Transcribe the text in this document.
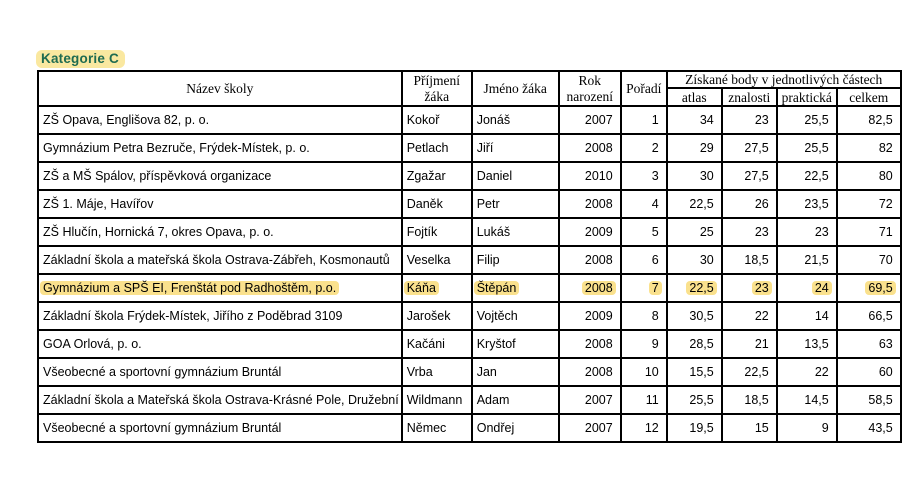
Kategorie C
Název školy	Příjmení žáka	Jméno žáka	Rok narození	Pořadí	Získané body v jednotlivých částech			
					atlas	znalosti	praktická	celkem
ZŠ Opava, Englišova 82, p. o.	Kokoř	Jonáš	2007	1	34	23	25,5	82,5
Gymnázium Petra Bezruče, Frýdek-Místek, p. o.	Petlach	Jiří	2008	2	29	27,5	25,5	82
ZŠ a MŠ Spálov, příspěvková organizace	Zgažar	Daniel	2010	3	30	27,5	22,5	80
ZŠ 1. Máje, Havířov	Daněk	Petr	2008	4	22,5	26	23,5	72
ZŠ Hlučín, Hornická 7, okres Opava, p. o.	Fojtík	Lukáš	2009	5	25	23	23	71
Základní škola a mateřská škola Ostrava-Zábřeh, Kosmonautů	Veselka	Filip	2008	6	30	18,5	21,5	70
Gymnázium a SPŠ EI, Frenštát pod Radhoštěm, p.o.	Káňa	Štěpán	2008	7	22,5	23	24	69,5
Základní škola Frýdek-Místek, Jiřího z Poděbrad 3109	Jarošek	Vojtěch	2009	8	30,5	22	14	66,5
GOA Orlová, p. o.	Kačáni	Kryštof	2008	9	28,5	21	13,5	63
Všeobecné a sportovní gymnázium Bruntál	Vrba	Jan	2008	10	15,5	22,5	22	60
Základní škola a Mateřská škola Ostrava-Krásné Pole, Družební	Wildmann	Adam	2007	11	25,5	18,5	14,5	58,5
Všeobecné a sportovní gymnázium Bruntál	Němec	Ondřej	2007	12	19,5	15	9	43,5
